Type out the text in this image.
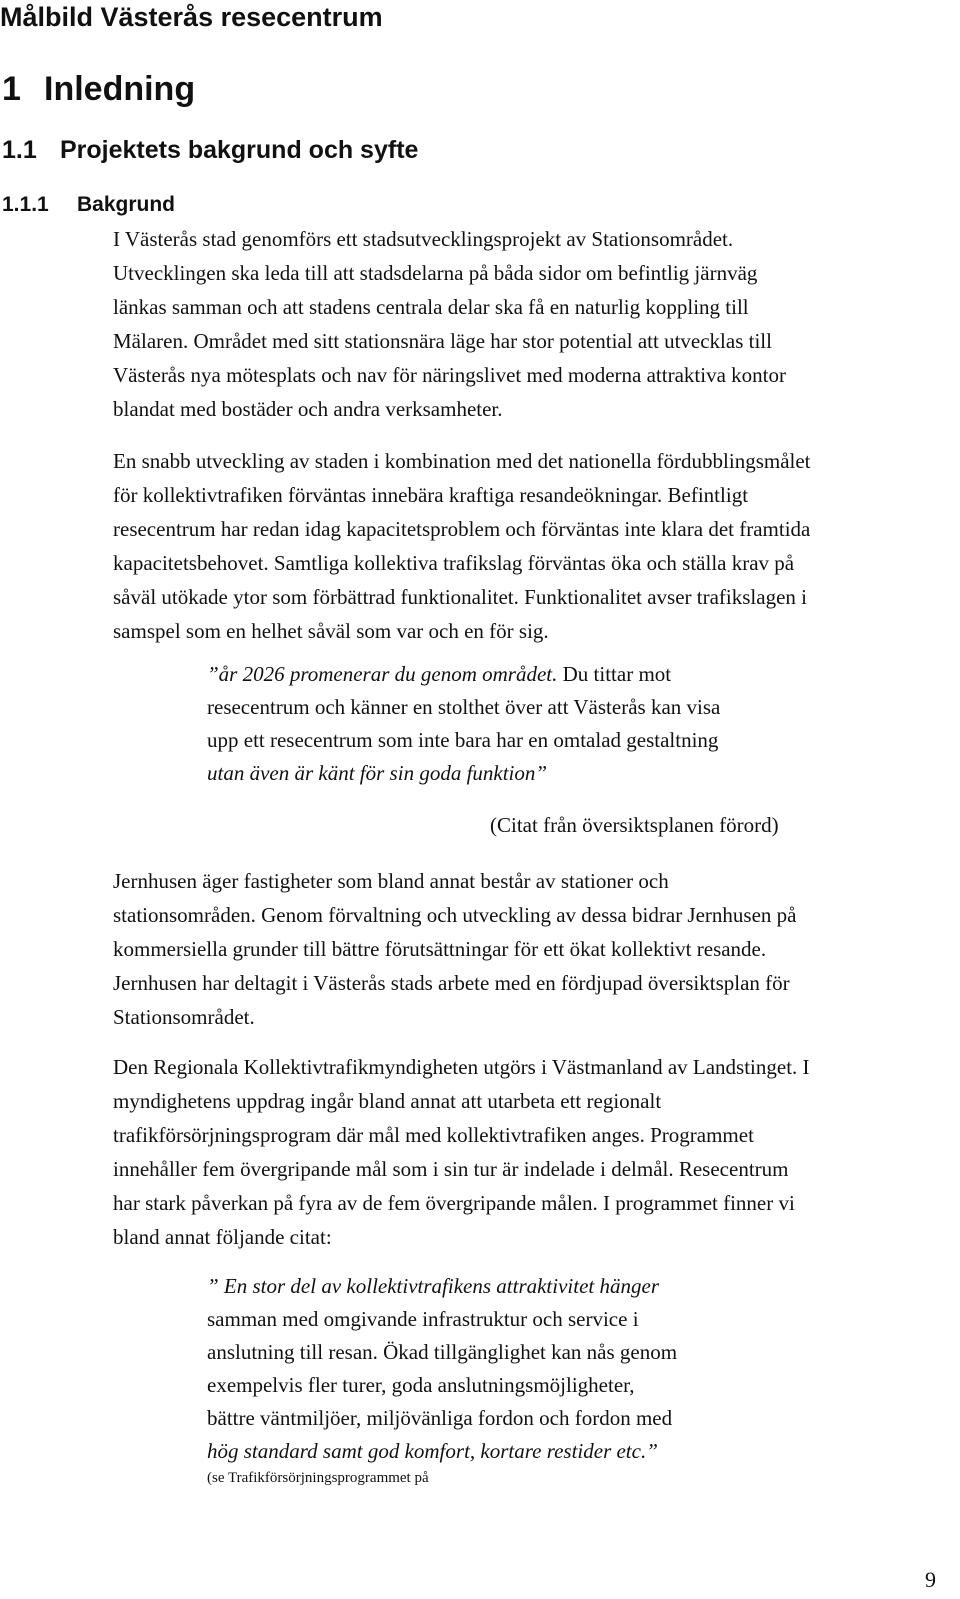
Målbild Västerås resecentrum
1 Inledning
1.1 Projektets bakgrund och syfte
1.1.1 Bakgrund
I Västerås stad genomförs ett stadsutvecklingsprojekt av Stationsområdet.
Utvecklingen ska leda till att stadsdelarna på båda sidor om befintlig järnväg
länkas samman och att stadens centrala delar ska få en naturlig koppling till
Mälaren. Området med sitt stationsnära läge har stor potential att utvecklas till
Västerås nya mötesplats och nav för näringslivet med moderna attraktiva kontor
blandat med bostäder och andra verksamheter.
En snabb utveckling av staden i kombination med det nationella fördubblingsmålet
för kollektivtrafiken förväntas innebära kraftiga resandeökningar. Befintligt
resecentrum har redan idag kapacitetsproblem och förväntas inte klara det framtida
kapacitetsbehovet. Samtliga kollektiva trafikslag förväntas öka och ställa krav på
såväl utökade ytor som förbättrad funktionalitet. Funktionalitet avser trafikslagen i
samspel som en helhet såväl som var och en för sig.
”år 2026 promenerar du genom området. Du tittar mot
resecentrum och känner en stolthet över att Västerås kan visa
upp ett resecentrum som inte bara har en omtalad gestaltning
utan även är känt för sin goda funktion”
(Citat från översiktsplanen förord)
Jernhusen äger fastigheter som bland annat består av stationer och
stationsområden. Genom förvaltning och utveckling av dessa bidrar Jernhusen på
kommersiella grunder till bättre förutsättningar för ett ökat kollektivt resande.
Jernhusen har deltagit i Västerås stads arbete med en fördjupad översiktsplan för
Stationsområdet.
Den Regionala Kollektivtrafikmyndigheten utgörs i Västmanland av Landstinget. I
myndighetens uppdrag ingår bland annat att utarbeta ett regionalt
trafikförsörjningsprogram där mål med kollektivtrafiken anges. Programmet
innehåller fem övergripande mål som i sin tur är indelade i delmål. Resecentrum
har stark påverkan på fyra av de fem övergripande målen. I programmet finner vi
bland annat följande citat:
” En stor del av kollektivtrafikens attraktivitet hänger
samman med omgivande infrastruktur och service i
anslutning till resan. Ökad tillgänglighet kan nås genom
exempelvis fler turer, goda anslutningsmöjligheter,
bättre väntmiljöer, miljövänliga fordon och fordon med
hög standard samt god komfort, kortare restider etc.”
(se Trafikförsörjningsprogrammet på
9
